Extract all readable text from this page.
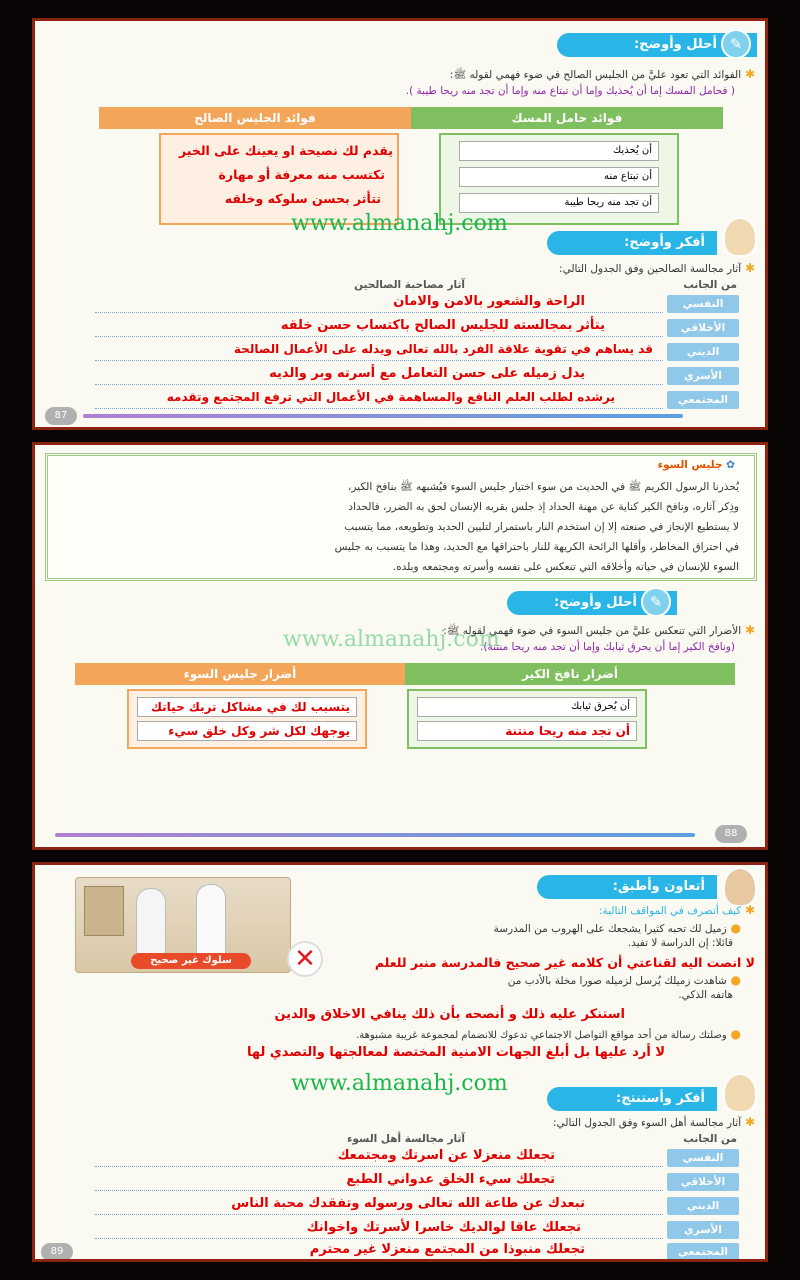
✎
أحلل وأوضح:
✱ الفوائد التي تعود عليَّ من الجليس الصالح في ضوء فهمي لقوله ﷺ:
( فحامل المسك إما أن يُحذيك وإما أن تبتاع منه وإما أن تجد منه ريحا طيبة ).
فوائد حامل المسك
فوائد الجليس الصالح
أن يُحذيك
أن تبتاع منه
أن تجد منه ريحا طيبة
يقدم لك نصيحة او يعينك على الخير
تكتسب منه معرفة أو مهارة
تتأثر بحسن سلوكه وخلقه
www.almanahj.com
أفكر وأوضح:
✱ آثار مجالسة الصالحين وفق الجدول التالي:
من الجانب
آثار مصاحبة الصالحين
النفسي
الراحة والشعور بالامن والامان
الأخلاقي
يتأثر بمجالسته للجليس الصالح باكتساب حسن خلقه
الديني
قد يساهم في تقوية علاقة الفرد بالله تعالى ويدله على الأعمال الصالحة
الأسري
يدل زميله على حسن التعامل مع أسرته وبر والديه
المجتمعي
يرشده لطلب العلم النافع والمساهمة في الأعمال التي ترفع المجتمع وتقدمه
87
✿ جليس السوء
يُحذرنا الرسول الكريم ﷺ في الحديث من سوء اختيار جليس السوء فيُشبهه ﷺ بنافخ الكير،
وذِكر آثاره، ونافخ الكير كناية عن مهنة الحداد إذ جلس بقربه الإنسان لحق به الضرر، فالحداد
لا يستطيع الإنجاز في صنعته إلا إن استخدم النار باستمرار لتليين الحديد وتطويعه، مما يتسبب
في احتراق المخاطر، وأقلها الرائحة الكريهة للنار باحتراقها مع الحديد، وهذا ما يتسبب به جليس
السوء للإنسان في حياته وأخلاقه التي تنعكس على نفسه وأسرته ومجتمعه وبلده.
✎
أحلل وأوضح:
✱ الأضرار التي تنعكس عليَّ من جليس السوء في ضوء فهمي لقوله ﷺ:
(ونافخ الكير إما أن يحرق ثيابك وإما أن تجد منه ريحا منتنة).
www.almanahj.com
أضرار نافخ الكير
أضرار جليس السوء
أن يُحرق ثيابك
أن تجد منه ريحا منتنة
يتسبب لك في مشاكل تربك حياتك
يوجهك لكل شر وكل خلق سيء
88
أتعاون وأطبق:
سلوك غير صحيح	✕
✱ كيف أتصرف في المواقف التالية:
● زميل لك تحبه كثيرا يشجعك على الهروب من المدرسة
قائلا: إن الدراسة لا تفيد.
لا انصت اليه لقناعتي أن كلامه غير صحيح فالمدرسة منبر للعلم
● شاهدت زميلك يُرسل لزميله صورا مخلة بالأدب من
هاتفه الذكي.
استنكر عليه ذلك و أنصحه بأن ذلك ينافي الاخلاق والدين
● وصلتك رسالة من أحد مواقع التواصل الاجتماعي تدعوك للانضمام لمجموعة غريبة مشبوهة.
لا أرد عليها بل أبلغ الجهات الامنية المختصة لمعالجتها والتصدي لها
www.almanahj.com
أفكر وأستنتج:
✱ آثار مجالسة أهل السوء وفق الجدول التالي:
من الجانب
آثار مجالسة أهل السوء
النفسي
تجعلك منعزلا عن اسرتك ومجتمعك
الأخلاقي
تجعلك سيء الخلق عدواني الطبع
الديني
تبعدك عن طاعة الله تعالى ورسوله وتفقدك محبة الناس
الأسري
تجعلك عاقا لوالديك خاسرا لأسرتك واخوانك
المجتمعي
تجعلك منبوذا من المجتمع منعزلا غير محترم
89
